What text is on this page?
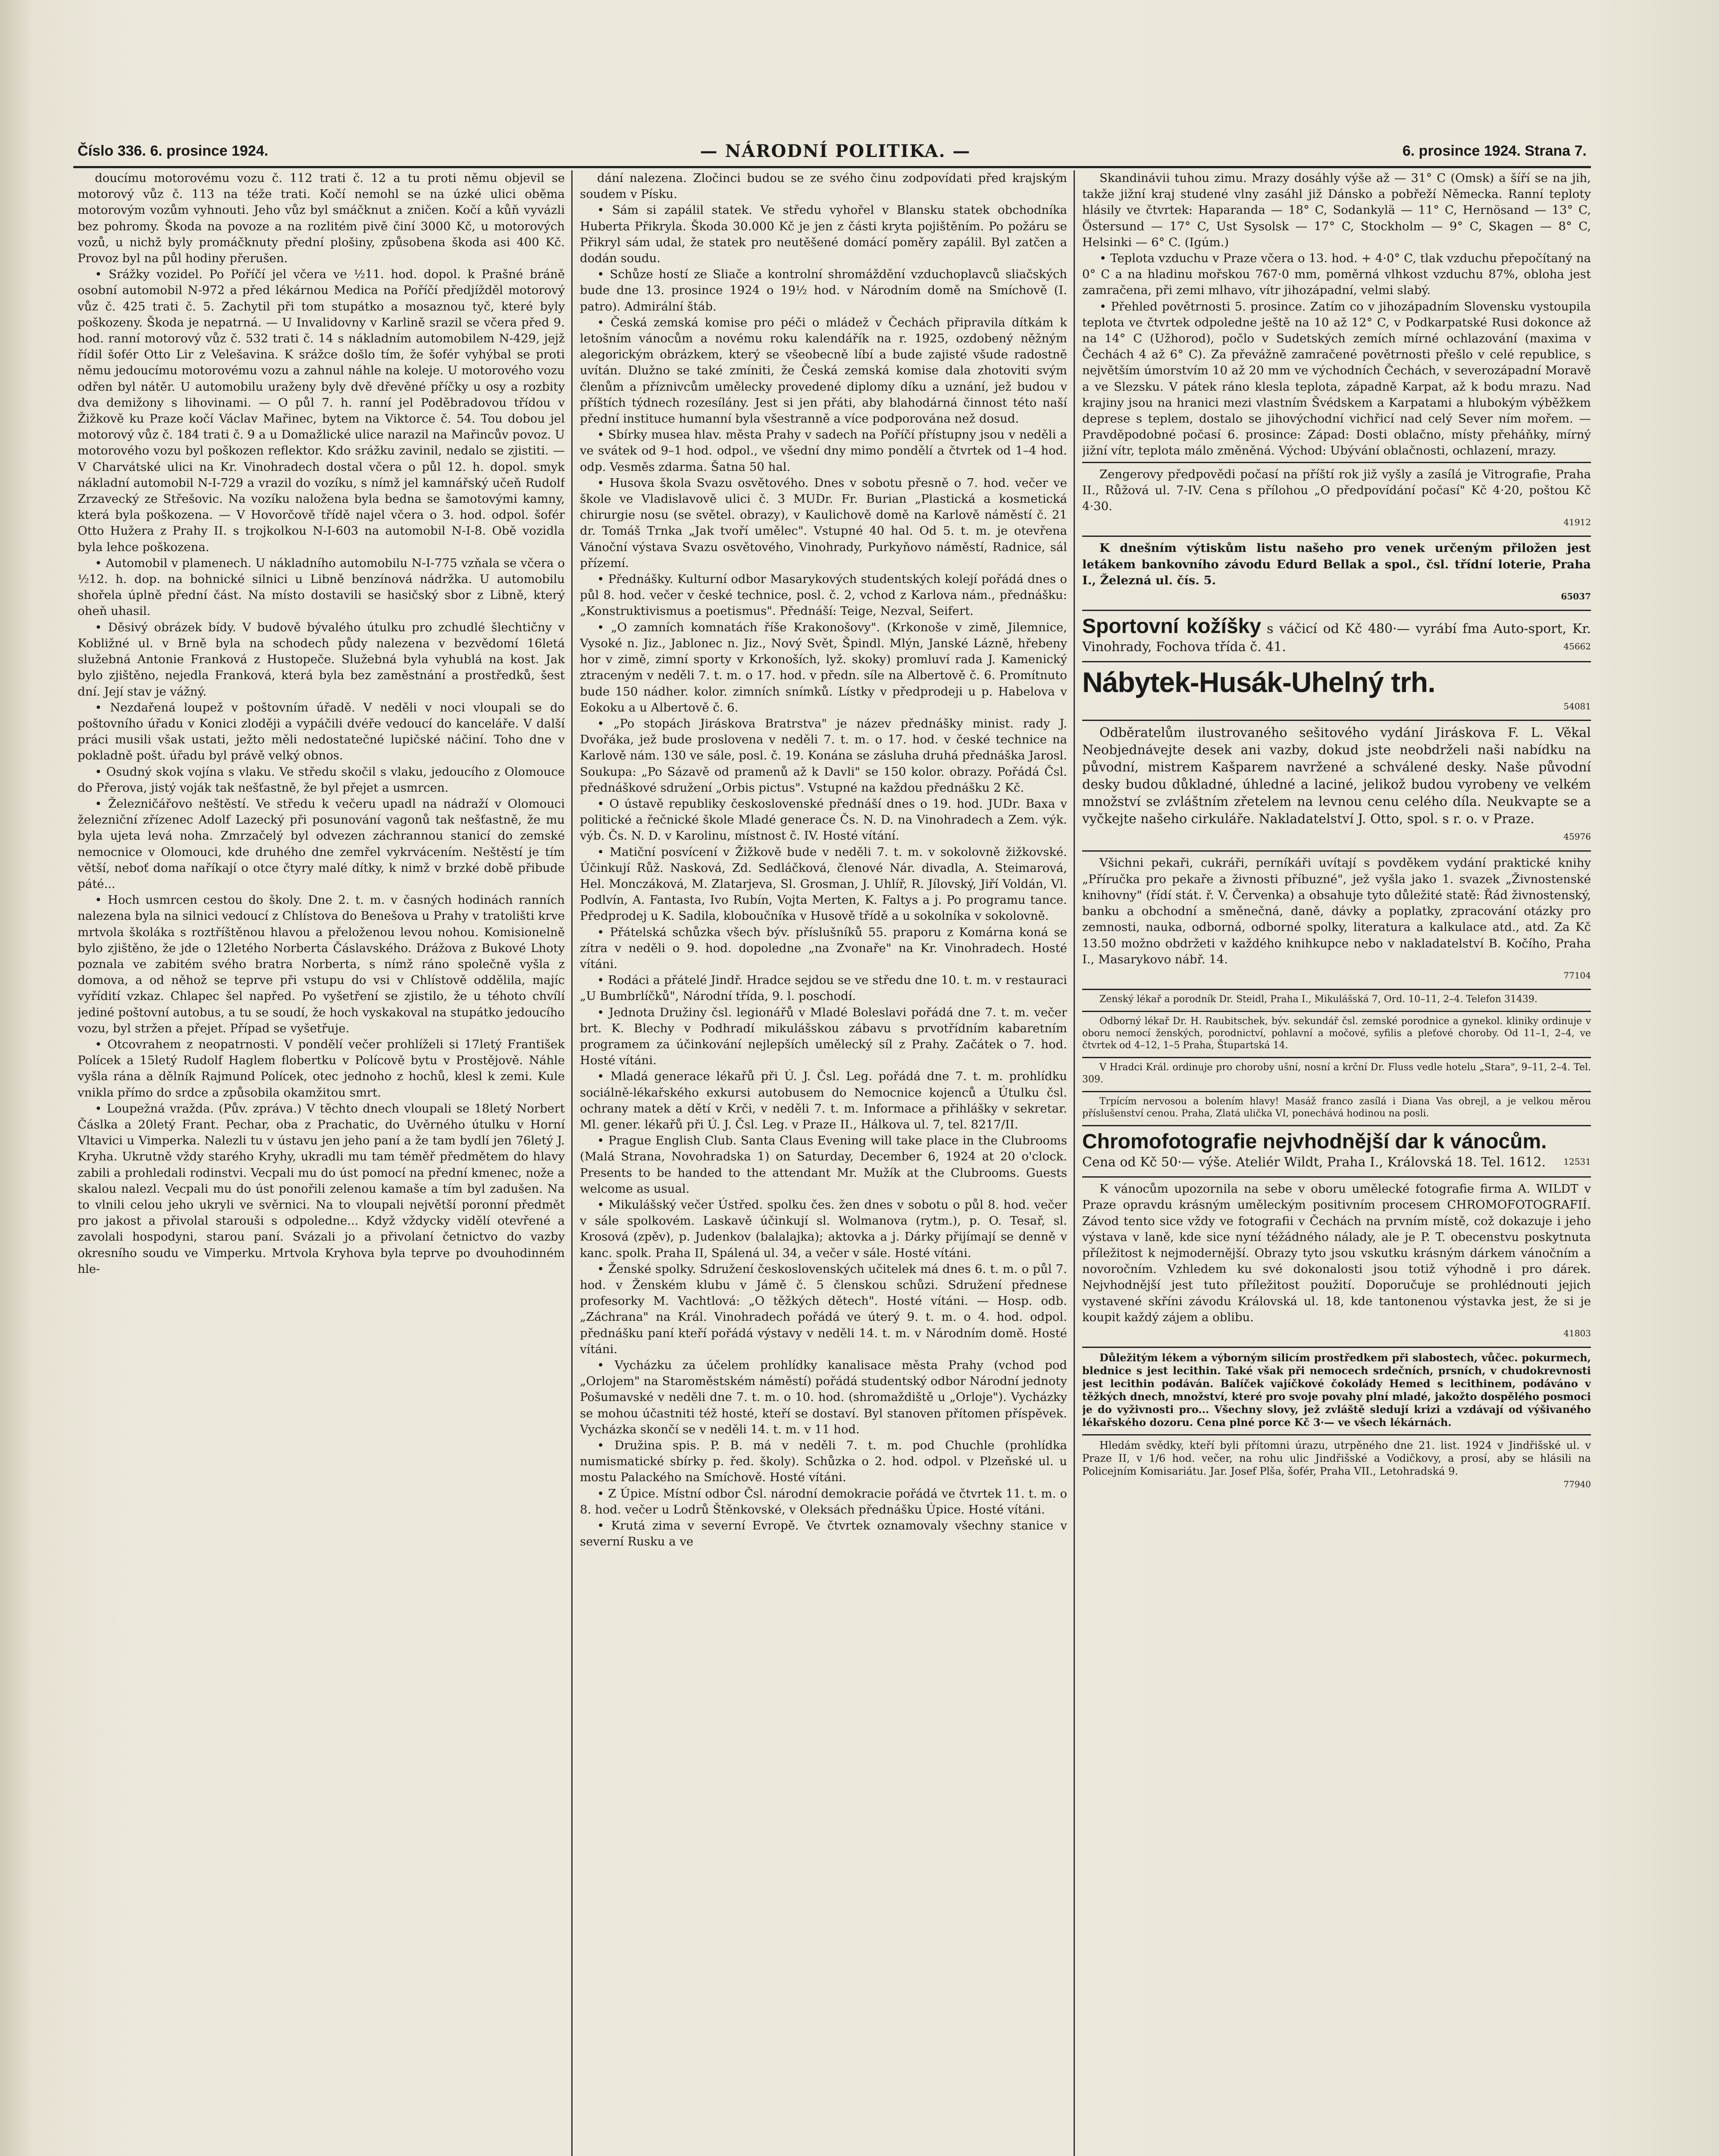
Číslo 336. 6. prosince 1924.	— NÁRODNÍ POLITIKA. —	6. prosince 1924. Strana 7.

doucímu motorovému vozu č. 112 trati č. 12 a tu proti němu objevil se motorový vůz č. 113 na téže trati. Kočí nemohl se na úzké ulici oběma motorovým vozům vyhnouti. Jeho vůz byl smáčknut a zničen. Kočí a kůň vyvázli bez pohromy. Škoda na povoze a na rozlitém pivě činí 3000 Kč, u motorových vozů, u nichž byly promáčknuty přední plošiny, způsobena škoda asi 400 Kč. Provoz byl na půl hodiny přerušen.

• Srážky vozidel. Po Poříčí jel včera ve ½11. hod. dopol. k Prašné bráně osobní automobil N-972 a před lékárnou Medica na Poříčí předjížděl motorový vůz č. 425 trati č. 5. Zachytil při tom stupátko a mosaznou tyč, které byly poškozeny. Škoda je nepatrná. — U Invalidovny v Karlině srazil se včera před 9. hod. ranní motorový vůz č. 532 trati č. 14 s nákladním automobilem N-429, jejž řídil šofér Otto Lir z Velešavina. K srážce došlo tím, že šofér vyhýbal se proti němu jedoucímu motorovému vozu a zahnul náhle na koleje. U motorového vozu odřen byl nátěr. U automobilu uraženy byly dvě dřevěné příčky u osy a rozbity dva demižony s lihovinami. — O půl 7. h. ranní jel Poděbradovou třídou v Žižkově ku Praze kočí Václav Mařinec, bytem na Viktorce č. 54. Tou dobou jel motorový vůz č. 184 trati č. 9 a u Domažlické ulice narazil na Mařincův povoz. U motorového vozu byl poškozen reflektor. Kdo srážku zavinil, nedalo se zjistiti. — V Charvátské ulici na Kr. Vinohradech dostal včera o půl 12. h. dopol. smyk nákladní automobil N-I-729 a vrazil do vozíku, s nímž jel kamnářský učeň Rudolf Zrzavecký ze Střešovic. Na vozíku naložena byla bedna se šamotovými kamny, která byla poškozena. — V Hovorčově třídě najel včera o 3. hod. odpol. šofér Otto Hužera z Prahy II. s trojkolkou N-I-603 na automobil N-I-8. Obě vozidla byla lehce poškozena.

• Automobil v plamenech. U nákladního automobilu N-I-775 vzňala se včera o ½12. h. dop. na bohnické silnici u Libně benzínová nádržka. U automobilu shořela úplně přední část. Na místo dostavili se hasičský sbor z Libně, který oheň uhasil.

• Děsivý obrázek bídy. V budově bývalého útulku pro zchudlé šlechtičny v Kobližné ul. v Brně byla na schodech půdy nalezena v bezvědomí 16letá služebná Antonie Franková z Hustopeče. Služebná byla vyhublá na kost. Jak bylo zjištěno, nejedla Franková, která byla bez zaměstnání a prostředků, šest dní. Její stav je vážný.

• Nezdařená loupež v poštovním úřadě. V neděli v noci vloupali se do poštovního úřadu v Konici zloději a vypáčili dvéře vedoucí do kanceláře. V další práci musili však ustati, ježto měli nedostatečné lupičské náčiní. Toho dne v pokladně pošt. úřadu byl právě velký obnos.

• Osudný skok vojína s vlaku. Ve středu skočil s vlaku, jedoucího z Olomouce do Přerova, jistý voják tak nešťastně, že byl přejet a usmrcen.

• Železničářovo neštěstí. Ve středu k večeru upadl na nádraží v Olomouci železniční zřízenec Adolf Lazecký při posunování vagonů tak nešťastně, že mu byla ujeta levá noha. Zmrzačelý byl odvezen záchrannou stanicí do zemské nemocnice v Olomouci, kde druhého dne zemřel vykrvácením. Neštěstí je tím větší, neboť doma naříkají o otce čtyry malé dítky, k nimž v brzké době přibude páté...

• Hoch usmrcen cestou do školy. Dne 2. t. m. v časných hodinách ranních nalezena byla na silnici vedoucí z Chlístova do Benešova u Prahy v tratolišti krve mrtvola školáka s roztříštěnou hlavou a přeloženou levou nohou. Komisionelně bylo zjištěno, že jde o 12letého Norberta Čáslavského. Drážova z Bukové Lhoty poznala ve zabitém svého bratra Norberta, s nímž ráno společně vyšla z domova, a od něhož se teprve při vstupu do vsi v Chlístově oddělila, majíc vyřídití vzkaz. Chlapec šel napřed. Po vyšetření se zjistilo, že u téhoto chvílí jediné poštovní autobus, a tu se soudí, že hoch vyskakoval na stupátko jedoucího vozu, byl stržen a přejet. Případ se vyšetřuje.

• Otcovrahem z neopatrnosti. V pondělí večer prohlíželi si 17letý František Polícek a 15letý Rudolf Haglem flobertku v Polícově bytu v Prostějově. Náhle vyšla rána a dělník Rajmund Polícek, otec jednoho z hochů, klesl k zemi. Kule vnikla přímo do srdce a způsobila okamžitou smrt.

• Loupežná vražda. (Pův. zpráva.) V těchto dnech vloupali se 18letý Norbert Čáslka a 20letý Frant. Pechar, oba z Prachatic, do Uvěrného útulku v Horní Vltavici u Vimperka. Nalezli tu v ústavu jen jeho paní a že tam bydlí jen 76letý J. Kryha. Ukrutně vždy starého Kryhy, ukradli mu tam téměř předmětem do hlavy zabili a prohledali rodinstvi. Vecpali mu do úst pomocí na přední kmenec, nože a skalou nalezl. Vecpali mu do úst ponořili zelenou kamaše a tím byl zadušen. Na to vlnili celou jeho ukryli ve svěrnici. Na to vloupali největší poronní předmět pro jakost a přivolal starouši s odpoledne... Když vždycky vidělí otevřené a zavolali hospodyni, starou paní. Svázali jo a přivolaní četnictvo do vazby okresního soudu ve Vimperku. Mrtvola Kryhova byla teprve po dvouhodinném hle-

dání nalezena. Zločinci budou se ze svého činu zodpovídati před krajským soudem v Písku.

• Sám si zapálil statek. Ve středu vyhořel v Blansku statek obchodníka Huberta Přikryla. Škoda 30.000 Kč je jen z části kryta pojištěním. Po požáru se Přikryl sám udal, že statek pro neutěšené domácí poměry zapálil. Byl zatčen a dodán soudu.

• Schůze hostí ze Sliače a kontrolní shromáždění vzduchoplavců sliačských bude dne 13. prosince 1924 o 19½ hod. v Národním domě na Smíchově (I. patro). Admirální štáb.

• Česká zemská komise pro péči o mládež v Čechách připravila dítkám k letošním vánocům a novému roku kalendářík na r. 1925, ozdobený něžným alegorickým obrázkem, který se všeobecně líbí a bude zajisté všude radostně uvítán. Dlužno se také zmíniti, že Česká zemská komise dala zhotoviti svým členům a příznivcům umělecky provedené diplomy díku a uznání, jež budou v příštích týdnech rozesílány. Jest si jen přáti, aby blahodárná činnost této naší přední instituce humanní byla všestranně a více podporována než dosud.

• Sbírky musea hlav. města Prahy v sadech na Poříčí přístupny jsou v neděli a ve svátek od 9–1 hod. odpol., ve všední dny mimo pondělí a čtvrtek od 1–4 hod. odp. Vesměs zdarma. Šatna 50 hal.

• Husova škola Svazu osvětového. Dnes v sobotu přesně o 7. hod. večer ve škole ve Vladislavově ulici č. 3 MUDr. Fr. Burian „Plastická a kosmetická chirurgie nosu (se světel. obrazy), v Kaulichově domě na Karlově náměstí č. 21 dr. Tomáš Trnka „Jak tvoří umělec". Vstupné 40 hal. Od 5. t. m. je otevřena Vánoční výstava Svazu osvětového, Vinohrady, Purkyňovo náměstí, Radnice, sál přízemí.

• Přednášky. Kulturní odbor Masarykových studentských kolejí pořádá dnes o půl 8. hod. večer v české technice, posl. č. 2, vchod z Karlova nám., přednášku: „Konstruktivismus a poetismus". Přednáší: Teige, Nezval, Seifert.

• „O zamních komnatách říše Krakonošovy". (Krkonoše v zimě, Jilemnice, Vysoké n. Jiz., Jablonec n. Jiz., Nový Svět, Špindl. Mlýn, Janské Lázně, hřebeny hor v zimě, zimní sporty v Krkonoších, lyž. skoky) promluví rada J. Kamenický ztraceným v neděli 7. t. m. o 17. hod. v předn. síle na Albertově č. 6. Promítnuto bude 150 nádher. kolor. zimních snímků. Lístky v předprodeji u p. Habelova v Eokoku a u Albertově č. 6.

• „Po stopách Jiráskova Bratrstva" je název přednášky minist. rady J. Dvořáka, jež bude proslovena v neděli 7. t. m. o 17. hod. v české technice na Karlově nám. 130 ve sále, posl. č. 19. Konána se zásluha druhá přednáška Jarosl. Soukupa: „Po Sázavě od pramenů až k Davli" se 150 kolor. obrazy. Pořádá Čsl. přednáškové sdružení „Orbis pictus". Vstupné na každou přednášku 2 Kč.

• O ústavě republiky československé přednáší dnes o 19. hod. JUDr. Baxa v politické a řečnické škole Mladé generace Čs. N. D. na Vinohradech a Zem. výk. výb. Čs. N. D. v Karolinu, místnost č. IV. Hosté vítání.

• Matiční posvícení v Žižkově bude v neděli 7. t. m. v sokolovně žižkovské. Účinkují Růž. Nasková, Zd. Sedláčková, členové Nár. divadla, A. Steimarová, Hel. Monczáková, M. Zlatarjeva, Sl. Grosman, J. Uhlíř, R. Jílovský, Jiří Voldán, Vl. Podlvín, A. Fantasta, Ivo Rubín, Vojta Merten, K. Faltys a j. Po programu tance. Předprodej u K. Sadila, kloboučníka v Husově třídě a u sokolníka v sokolovně.

• Přátelská schůzka všech býv. příslušníků 55. praporu z Komárna koná se zítra v neděli o 9. hod. dopoledne „na Zvonaře" na Kr. Vinohradech. Hosté vítáni.

• Rodáci a přátelé Jindř. Hradce sejdou se ve středu dne 10. t. m. v restauraci „U Bumbrlíčků", Národní třída, 9. l. poschodí.

• Jednota Družiny čsl. legionářů v Mladé Boleslavi pořádá dne 7. t. m. večer brt. K. Blechy v Podhradí mikulášskou zábavu s prvotřídním kabaretním programem za účinkování nejlepších umělecký síl z Prahy. Začátek o 7. hod. Hosté vítáni.

• Mladá generace lékařů při Ú. J. Čsl. Leg. pořádá dne 7. t. m. prohlídku sociálně-lékařského exkursi autobusem do Nemocnice kojenců a Útulku čsl. ochrany matek a dětí v Krči, v neděli 7. t. m. Informace a přihlášky v sekretar. Ml. gener. lékařů při Ú. J. Čsl. Leg. v Praze II., Hálkova ul. 7, tel. 8217/II.

• Prague English Club. Santa Claus Evening will take place in the Clubrooms (Malá Strana, Novohradska 1) on Saturday, December 6, 1924 at 20 o'clock. Presents to be handed to the attendant Mr. Mužík at the Clubrooms. Guests welcome as usual.

• Mikulášský večer Ústřed. spolku čes. žen dnes v sobotu o půl 8. hod. večer v sále spolkovém. Laskavě účinkují sl. Wolmanova (rytm.), p. O. Tesař, sl. Krosová (zpěv), p. Judenkov (balalajka); aktovka a j. Dárky přijímají se denně v kanc. spolk. Praha II, Spálená ul. 34, a večer v sále. Hosté vítáni.

• Ženské spolky. Sdružení československých učitelek má dnes 6. t. m. o půl 7. hod. v Ženském klubu v Jámě č. 5 členskou schůzi. Sdružení přednese profesorky M. Vachtlová: „O těžkých dětech". Hosté vítáni. — Hosp. odb. „Záchrana" na Král. Vinohradech pořádá ve úterý 9. t. m. o 4. hod. odpol. přednášku paní kteří pořádá výstavy v neděli 14. t. m. v Národním domě. Hosté vítáni.

• Vycházku za účelem prohlídky kanalisace města Prahy (vchod pod „Orlojem" na Staroměstském náměstí) pořádá studentský odbor Národní jednoty Pošumavské v neděli dne 7. t. m. o 10. hod. (shromaždiště u „Orloje"). Vycházky se mohou účastniti též hosté, kteří se dostaví. Byl stanoven přítomen příspěvek. Vycházka skončí se v neděli 14. t. m. v 11 hod.

• Družina spis. P. B. má v neděli 7. t. m. pod Chuchle (prohlídka numismatické sbírky p. řed. školy). Schůzka o 2. hod. odpol. v Plzeňské ul. u mostu Palackého na Smíchově. Hosté vítáni.

• Z Úpice. Místní odbor Čsl. národní demokracie pořádá ve čtvrtek 11. t. m. o 8. hod. večer u Lodrů Štěnkovské, v Oleksách přednášku Úpice. Hosté vítáni.

• Krutá zima v severní Evropě. Ve čtvrtek oznamovaly všechny stanice v severní Rusku a ve

Skandinávii tuhou zimu. Mrazy dosáhly výše až — 31° C (Omsk) a šíří se na jih, takže jižní kraj studené vlny zasáhl již Dánsko a pobřeží Německa. Ranní teploty hlásily ve čtvrtek: Haparanda — 18° C, Sodankylä — 11° C, Hernösand — 13° C, Östersund — 17° C, Ust Sysolsk — 17° C, Stockholm — 9° C, Skagen — 8° C, Helsinki — 6° C. (Igúm.)

• Teplota vzduchu v Praze včera o 13. hod. + 4·0° C, tlak vzduchu přepočítaný na 0° C a na hladinu mořskou 767·0 mm, poměrná vlhkost vzduchu 87%, obloha jest zamračena, při zemi mlhavo, vítr jihozápadní, velmi slabý.

• Přehled povětrnosti 5. prosince. Zatím co v jihozápadním Slovensku vystoupila teplota ve čtvrtek odpoledne ještě na 10 až 12° C, v Podkarpatské Rusi dokonce až na 14° C (Užhorod), počlo v Sudetských zemích mírné ochlazování (maxima v Čechách 4 až 6° C). Za převážně zamračené povětrnosti přešlo v celé republice, s největším úmorstvím 10 až 20 mm ve východních Čechách, v severozápadní Moravě a ve Slezsku. V pátek ráno klesla teplota, západně Karpat, až k bodu mrazu. Nad krajiny jsou na hranici mezi vlastním Švédskem a Karpatami a hlubokým výběžkem deprese s teplem, dostalo se jihovýchodní vichřicí nad celý Sever ním mořem. — Pravděpodobné počasí 6. prosince: Západ: Dosti oblačno, místy přeháňky, mírný jižní vítr, teplota málo změněná. Východ: Ubývání oblačnosti, ochlazení, mrazy.

Zengerovy předpovědi počasí na příští rok již vyšly a zasílá je Vitrografie, Praha II., Růžová ul. 7-IV. Cena s přílohou „O předpovídání počasí" Kč 4·20, poštou Kč 4·30.

41912

K dnešním výtiskům listu našeho pro venek určeným přiložen jest letákem bankovního závodu Edurd Bellak a spol., čsl. třídní loterie, Praha I., Železná ul. čís. 5.

65037
Sportovní kožíšky s váčicí od Kč 480·— vyrábí fma Auto-sport, Kr. Vinohrady, Fochova třída č. 41.	45662
Nábytek-Husák-Uhelný trh.
54081

Odběratelům ilustrovaného sešitového vydání Jiráskova F. L. Věkal Neobjednávejte desek ani vazby, dokud jste neobdrželi naši nabídku na původní, mistrem Kašparem navržené a schválené desky. Naše původní desky budou důkladné, úhledné a laciné, jelikož budou vyrobeny ve velkém množství se zvláštním zřetelem na levnou cenu celého díla. Neukvapte se a vyčkejte našeho cirkuláře. Nakladatelství J. Otto, spol. s r. o. v Praze.

45976

Všichni pekaři, cukráři, perníkáři uvítají s povděkem vydání praktické knihy „Příručka pro pekaře a živnosti příbuzné", jež vyšla jako 1. svazek „Živnostenské knihovny" (řídí stát. ř. V. Červenka) a obsahuje tyto důležité statě: Řád živnostenský, banku a obchodní a směnečná, daně, dávky a poplatky, zpracování otázky pro zemnosti, nauka, odborná, odborné spolky, literatura a kalkulace atd., atd. Za Kč 13.50 možno obdržeti v každého knihkupce nebo v nakladatelství B. Kočího, Praha I., Masarykovo nábř. 14.

77104

Zenský lékař a porodník Dr. Steidl, Praha I., Mikulášská 7, Ord. 10–11, 2–4. Telefon 31439.

Odborný lékař Dr. H. Raubitschek, býv. sekundář čsl. zemské porodnice a gynekol. kliniky ordinuje v oboru nemocí ženských, porodnictví, pohlavní a močové, syfilis a pleťové choroby. Od 11–1, 2–4, ve čtvrtek od 4–12, 1–5 Praha, Štupartská 14.

V Hradci Král. ordinuje pro choroby ušní, nosní a krční Dr. Fluss vedle hotelu „Stara", 9–11, 2–4. Tel. 309.

Trpícím nervosou a bolením hlavy! Masáž franco zasílá i Diana Vas obrejl, a je velkou měrou příslušenství cenou. Praha, Zlatá ulička VI, ponechává hodinou na posli.

Chromofotografie nejvhodnější dar k vánocům.
Cena od Kč 50·— výše. Ateliér Wildt, Praha I., Královská 18. Tel. 1612. 12531

K vánocům upozornila na sebe v oboru umělecké fotografie firma A. WILDT v Praze opravdu krásným uměleckým positivním procesem CHROMOFOTOGRAFIÍ. Závod tento sice vždy ve fotografii v Čechách na prvním místě, což dokazuje i jeho výstava v laně, kde sice nyní téžádného nálady, ale je P. T. obecenstvu poskytnuta příležitost k nejmodernější. Obrazy tyto jsou vskutku krásným dárkem vánočním a novoročním. Vzhledem ku své dokonalosti jsou totiž výhodně i pro dárek. Nejvhodnější jest tuto příležitost použití. Doporučuje se prohlédnouti jejich vystavené skříni závodu Královská ul. 18, kde tantonenou výstavka jest, že si je koupit každý zájem a oblibu.

41803

Důležitým lékem a výborným silicím prostředkem při slabostech, vůčec. pokurmech, blednice s jest lecithin. Také však při nemocech srdečních, prsních, v chudokrevnosti jest lecithin podáván. Balíček vajíčkové čokolády Hemed s lecithinem, podáváno v těžkých dnech, množství, které pro svoje povahy plní mladé, jakožto dospělého posmoci je do vyživnosti pro... Všechny slovy, jež zvláště sledují krizi a vzdávají od výšivaného lékařského dozoru. Cena plné porce Kč 3·— ve všech lékárnách.

Hledám svědky, kteří byli přítomni úrazu, utrpěného dne 21. list. 1924 v Jindřišské ul. v Praze II, v 1/6 hod. večer, na rohu ulic Jindřišské a Vodičkovy, a prosí, aby se hlásili na Policejním Komisariátu. Jar. Josef Plša, šofér, Praha VII., Letohradská 9.

77940
